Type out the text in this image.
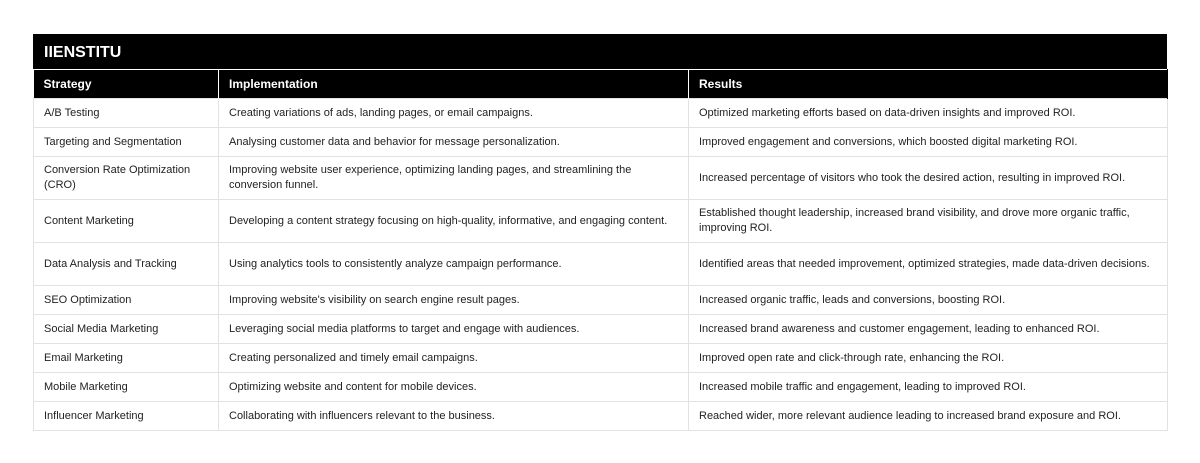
IIENSTITU
Strategy	Implementation	Results
A/B Testing	Creating variations of ads, landing pages, or email campaigns.	Optimized marketing efforts based on data-driven insights and improved ROI.
Targeting and Segmentation	Analysing customer data and behavior for message personalization.	Improved engagement and conversions, which boosted digital marketing ROI.
Conversion Rate Optimization (CRO)	Improving website user experience, optimizing landing pages, and streamlining the conversion funnel.	Increased percentage of visitors who took the desired action, resulting in improved ROI.
Content Marketing	Developing a content strategy focusing on high-quality, informative, and engaging content.	Established thought leadership, increased brand visibility, and drove more organic traffic, improving ROI.
Data Analysis and Tracking	Using analytics tools to consistently analyze campaign performance.	Identified areas that needed improvement, optimized strategies, made data-driven decisions.
SEO Optimization	Improving website's visibility on search engine result pages.	Increased organic traffic, leads and conversions, boosting ROI.
Social Media Marketing	Leveraging social media platforms to target and engage with audiences.	Increased brand awareness and customer engagement, leading to enhanced ROI.
Email Marketing	Creating personalized and timely email campaigns.	Improved open rate and click-through rate, enhancing the ROI.
Mobile Marketing	Optimizing website and content for mobile devices.	Increased mobile traffic and engagement, leading to improved ROI.
Influencer Marketing	Collaborating with influencers relevant to the business.	Reached wider, more relevant audience leading to increased brand exposure and ROI.
